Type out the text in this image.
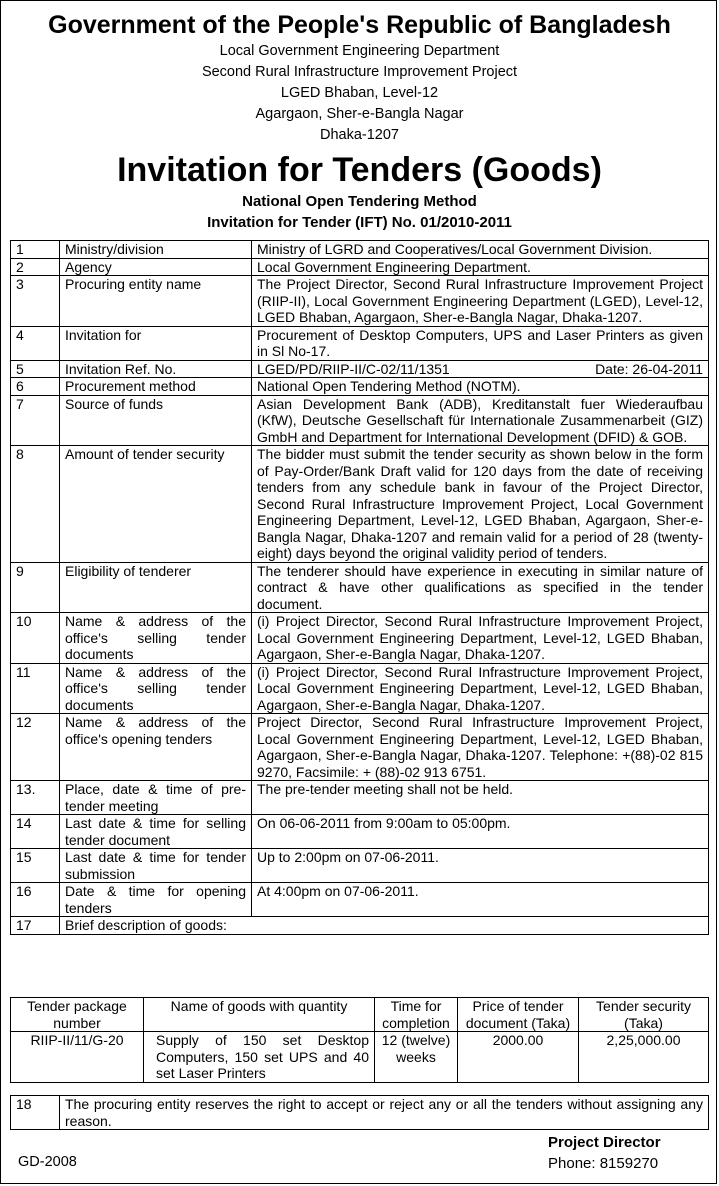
Government of the People's Republic of Bangladesh
Local Government Engineering Department
Second Rural Infrastructure Improvement Project
LGED Bhaban, Level-12
Agargaon, Sher-e-Bangla Nagar
Dhaka-1207
Invitation for Tenders (Goods)
National Open Tendering Method
Invitation for Tender (IFT) No. 01/2010-2011
1	Ministry/division	Ministry of LGRD and Cooperatives/Local Government Division.
2	Agency	Local Government Engineering Department.
3	Procuring entity name	The Project Director, Second Rural Infrastructure Improvement Project (RIIP-II), Local Government Engineering Department (LGED), Level-12, LGED Bhaban, Agargaon, Sher-e-Bangla Nagar, Dhaka-1207.
4	Invitation for	Procurement of Desktop Computers, UPS and Laser Printers as given in Sl No-17.
5	Invitation Ref. No.	LGED/PD/RIIP-II/C-02/11/1351 Date: 26-04-2011

6	Procurement method	National Open Tendering Method (NOTM).
7	Source of funds	Asian Development Bank (ADB), Kreditanstalt fuer Wiederaufbau (KfW), Deutsche Gesellschaft für Internationale Zusammenarbeit (GIZ) GmbH and Department for International Development (DFID) & GOB.
8	Amount of tender security	The bidder must submit the tender security as shown below in the form of Pay-Order/Bank Draft valid for 120 days from the date of receiving tenders from any schedule bank in favour of the Project Director, Second Rural Infrastructure Improvement Project, Local Government Engineering Department, Level-12, LGED Bhaban, Agargaon, Sher-e-Bangla Nagar, Dhaka-1207 and remain valid for a period of 28 (twenty-eight) days beyond the original validity period of tenders.
9	Eligibility of tenderer	The tenderer should have experience in executing in similar nature of contract & have other qualifications as specified in the tender document.
10	Name & address of the office's selling tender documents	(i) Project Director, Second Rural Infrastructure Improvement Project, Local Government Engineering Department, Level-12, LGED Bhaban, Agargaon, Sher-e-Bangla Nagar, Dhaka-1207.
11	Name & address of the office's selling tender documents	(i) Project Director, Second Rural Infrastructure Improvement Project, Local Government Engineering Department, Level-12, LGED Bhaban, Agargaon, Sher-e-Bangla Nagar, Dhaka-1207.
12	Name & address of the office's opening tenders	Project Director, Second Rural Infrastructure Improvement Project, Local Government Engineering Department, Level-12, LGED Bhaban, Agargaon, Sher-e-Bangla Nagar, Dhaka-1207. Telephone: +(88)-02 815 9270, Facsimile: + (88)-02 913 6751.
13.	Place, date & time of pre-tender meeting	The pre-tender meeting shall not be held.
14	Last date & time for selling tender document	On 06-06-2011 from 9:00am to 05:00pm.
15	Last date & time for tender submission	Up to 2:00pm on 07-06-2011.
16	Date & time for opening tenders	At 4:00pm on 07-06-2011.
17	Brief description of goods:	
Tender package number	Name of goods with quantity	Time for completion	Price of tender document (Taka)	Tender security (Taka)
RIIP-II/11/G-20	Supply of 150 set Desktop Computers, 150 set UPS and 40 set Laser Printers	12 (twelve) weeks	2000.00	2,25,000.00
18	The procuring entity reserves the right to accept or reject any or all the tenders without assigning any reason.
GD-2008
Project Director
Phone: 8159270
